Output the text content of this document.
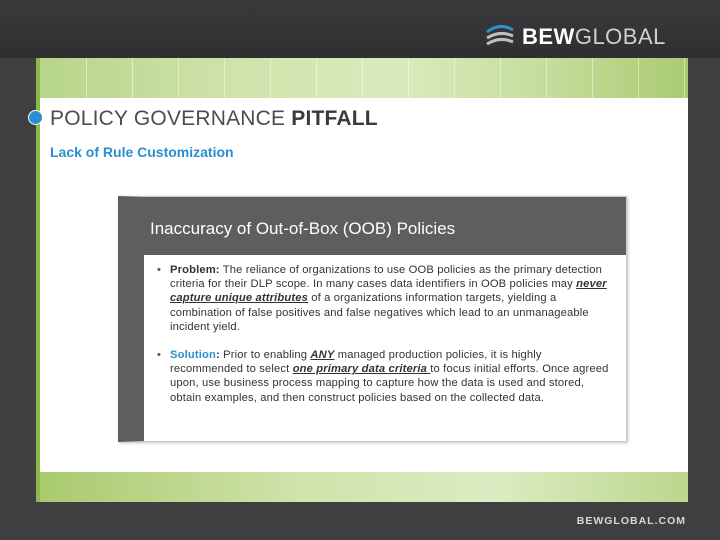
BEWGLOBAL
POLICY GOVERNANCE PITFALL
Lack of Rule Customization
Inaccuracy of Out-of-Box (OOB) Policies
• Problem: The reliance of organizations to use OOB policies as the primary detection criteria for their DLP scope. In many cases data identifiers in OOB policies may never capture unique attributes of a organizations information targets, yielding a combination of false positives and false negatives which lead to an unmanageable incident yield.
• Solution: Prior to enabling ANY managed production policies, it is highly recommended to select one primary data criteria to focus initial efforts. Once agreed upon, use business process mapping to capture how the data is used and stored, obtain examples, and then construct policies based on the collected data.
BEWGLOBAL.COM
